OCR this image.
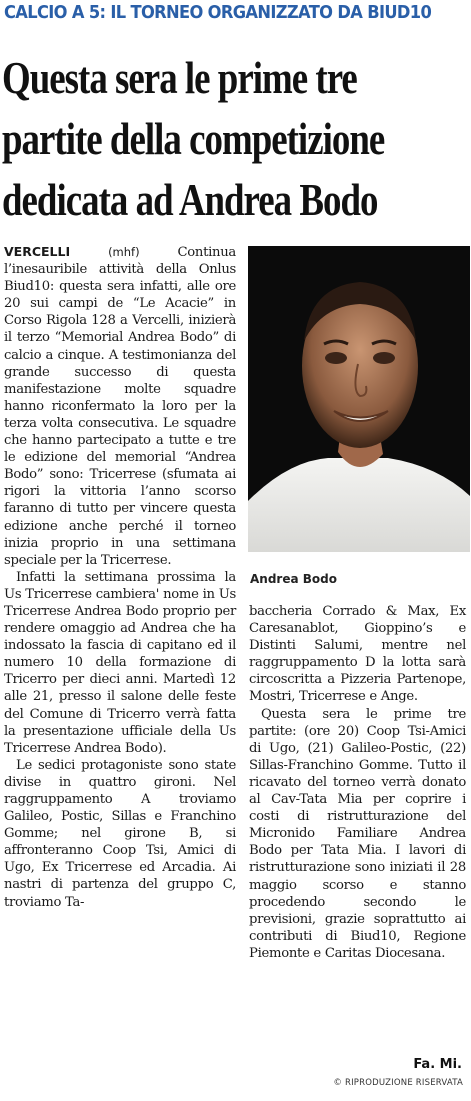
CALCIO A 5: IL TORNEO ORGANIZZATO DA BIUD10
Questa sera le prime tre
partite della competizione
dedicata ad Andrea Bodo

VERCELLI	(mhf)	Continua l’inesauribile attività della Onlus Biud10: questa sera infatti, alle ore 20 sui campi de “Le Acacie” in Corso Rigola 128 a Vercelli, inizierà il terzo “Memorial Andrea Bodo” di calcio a cinque. A testimonianza del grande successo di questa manifestazione molte squadre hanno riconfermato la loro per la terza volta consecutiva. Le squadre che hanno partecipato a tutte e tre le edizione del memorial “Andrea Bodo” sono: Tricerrese (sfumata ai rigori la vittoria l’anno scorso faranno di tutto per vincere questa edizione anche perché il torneo inizia proprio in una settimana speciale per la Tricerrese.

Infatti la settimana prossima la Us Tricerrese cambiera' nome in Us Tricerrese Andrea Bodo proprio per rendere omaggio ad Andrea che ha indossato la fascia di capitano ed il numero 10 della formazione di Tricerro per dieci anni. Martedì 12 alle 21, presso il salone delle feste del Comune di Tricerro verrà fatta la presentazione ufficiale della Us Tricerrese Andrea Bodo).

Le sedici protagoniste sono state divise in quattro gironi. Nel raggruppamento A troviamo Galileo, Postic, Sillas e Franchino Gomme; nel girone B, si affronteranno Coop Tsi, Amici di Ugo, Ex Tricerrese ed Arcadia. Ai nastri di partenza del gruppo C, troviamo Ta-

Andrea Bodo

baccheria Corrado & Max, Ex Caresanablot, Gioppino’s e Distinti Salumi, mentre nel raggruppamento D la lotta sarà circoscritta a Pizzeria Partenope, Mostri, Tricerrese e Ange.

Questa sera le prime tre partite: (ore 20) Coop Tsi-Amici di Ugo, (21) Galileo-Postic, (22) Sillas-Franchino Gomme. Tutto il ricavato del torneo verrà donato al Cav-Tata Mia per coprire i costi di ristrutturazione del Micronido Familiare Andrea Bodo per Tata Mia. I lavori di ristrutturazione sono iniziati il 28 maggio scorso e stanno procedendo secondo le previsioni, grazie soprattutto ai contributi di Biud10, Regione Piemonte e Caritas Diocesana.

Fa. Mi.
© RIPRODUZIONE RISERVATA
